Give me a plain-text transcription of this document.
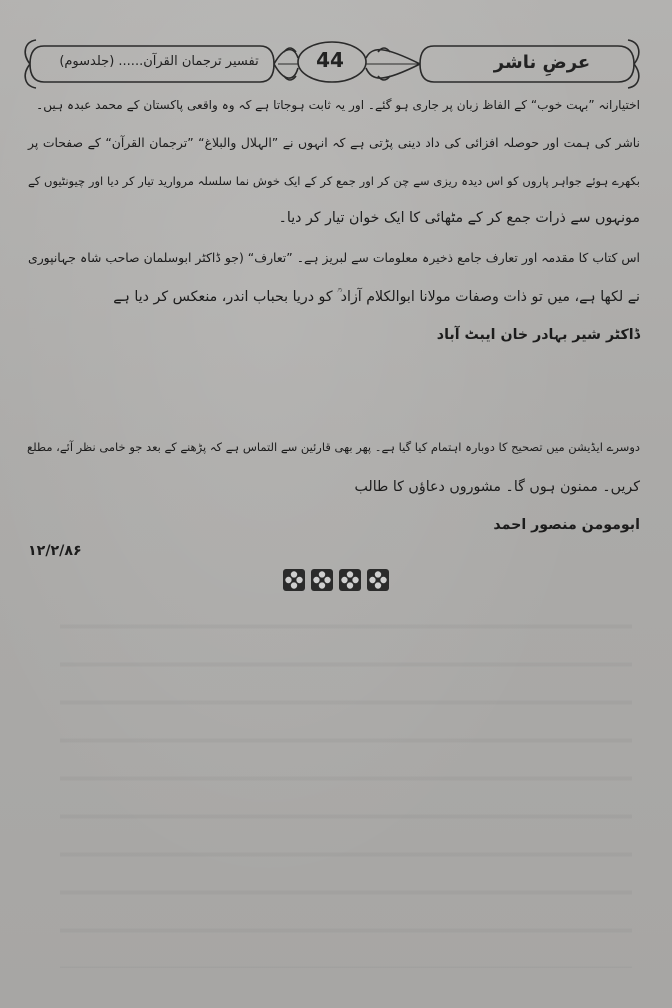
عرضِ ناشر
44
تفسیر ترجمان القرآن...... (جلدسوم)
اختیارانہ ”بہت خوب“ کے الفاظ زبان پر جاری ہو گئے۔ اور یہ ثابت ہوجاتا ہے کہ وہ واقعی پاکستان کے محمد عبدہ ہیں۔
ناشر کی ہمت اور حوصلہ افزائی کی داد دینی پڑتی ہے کہ انہوں نے ”الہلال والبلاغ“ ”ترجمان القرآن“ کے صفحات پر
بکھرے ہوئے جواہر پاروں کو اس دیدہ ریزی سے چن کر اور جمع کر کے ایک خوش نما سلسلہ مروارید تیار کر دیا اور چیونٹیوں کے
مونہوں سے ذرات جمع کر کے مٹھائی کا ایک خوان تیار کر دیا۔
اس کتاب کا مقدمہ اور تعارف جامع ذخیرہ معلومات سے لبریز ہے۔ ”تعارف“ (جو ڈاکٹر ابوسلمان صاحب شاہ جہانپوری
نے لکھا ہے، میں تو ذات وصفات مولانا ابوالکلام آزاد ؒ کو دریا بحباب اندر، منعکس کر دیا ہے
ڈاکٹر شیر بہادر خان ایبٹ آباد
دوسرے ایڈیشن میں تصحیح کا دوبارہ اہتمام کیا گیا ہے۔ پھر بھی قارئین سے التماس ہے کہ پڑھنے کے بعد جو خامی نظر آئے، مطلع
کریں۔ ممنون ہوں گا۔ مشوروں دعاؤں کا طالب
ابومومن منصور احمد
۱۲/۲/۸۶
